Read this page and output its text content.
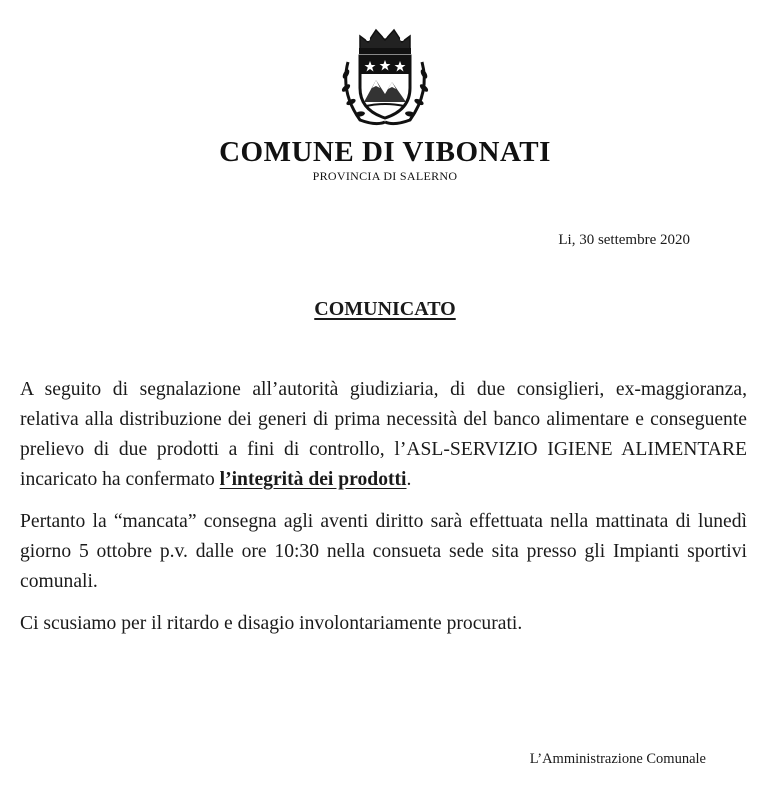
COMUNE DI VIBONATI
PROVINCIA DI SALERNO
Li, 30 settembre 2020
COMUNICATO

A seguito di segnalazione all’autorità giudiziaria, di due consiglieri, ex-maggioranza, relativa alla distribuzione dei generi di prima necessità del banco alimentare e conseguente prelievo di due prodotti a fini di controllo, l’ASL-SERVIZIO IGIENE ALIMENTARE incaricato ha confermato l’integrità dei prodotti.

Pertanto la “mancata” consegna agli aventi diritto sarà effettuata nella mattinata di lunedì giorno 5 ottobre p.v. dalle ore 10:30 nella consueta sede sita presso gli Impianti sportivi comunali.

Ci scusiamo per il ritardo e disagio involontariamente procurati.

L’Amministrazione Comunale
